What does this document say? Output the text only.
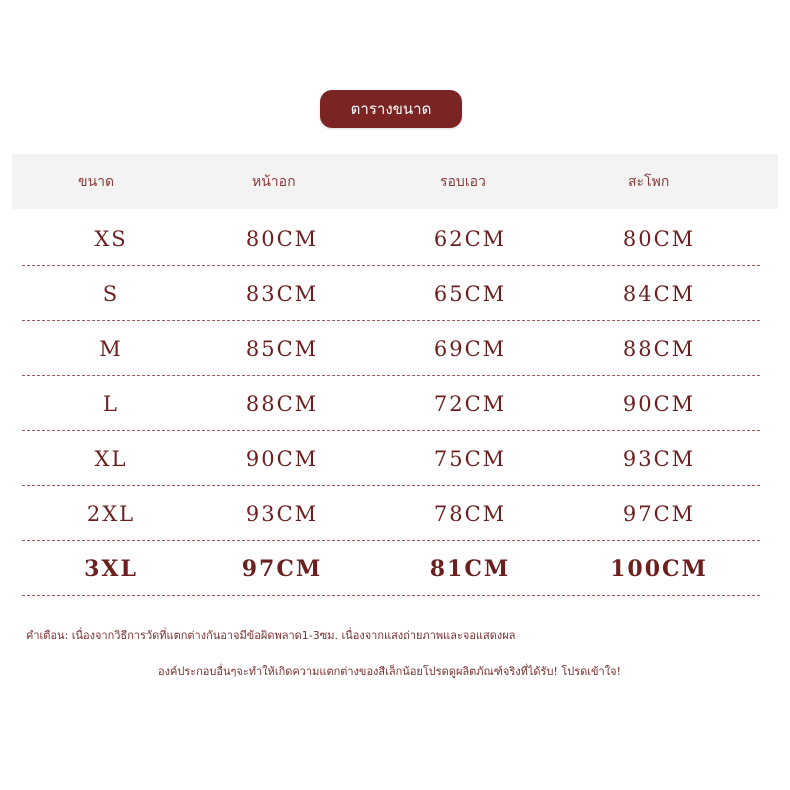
ตารางขนาด
ขนาด	หน้าอก	รอบเอว	สะโพก
XS	80CM	62CM	80CM
S	83CM	65CM	84CM
M	85CM	69CM	88CM
L	88CM	72CM	90CM
XL	90CM	75CM	93CM
2XL	93CM	78CM	97CM
3XL	97CM	81CM	100CM
คำเตือน: เนื่องจากวิธีการวัดที่แตกต่างกันอาจมีข้อผิดพลาด1-3ซม. เนื่องจากแสงถ่ายภาพและจอแสดงผล
องค์ประกอบอื่นๆจะทำให้เกิดความแตกต่างของสีเล็กน้อยโปรดดูผลิตภัณฑ์จริงที่ได้รับ! โปรดเข้าใจ!
